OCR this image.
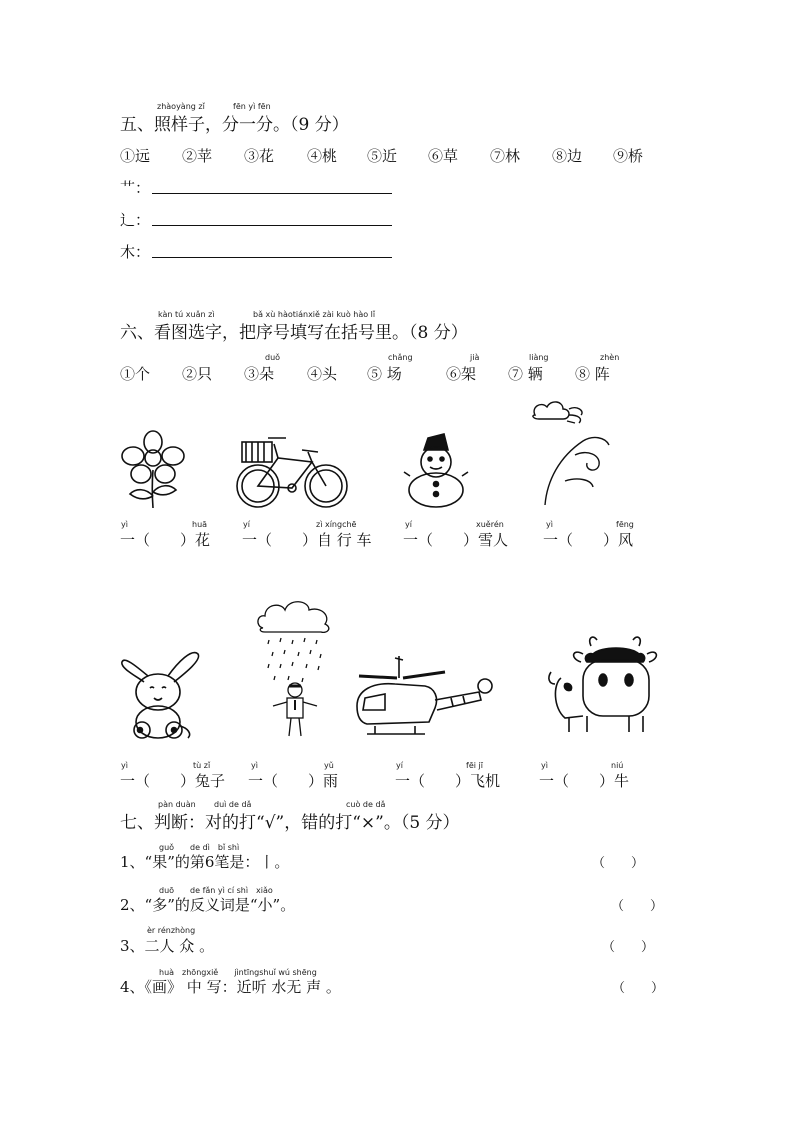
zhàoyàng zǐ	fēn yì fēn
五、照样子，分一分。（9 分）
①远 ②苹 ③花 ④桃 ⑤近 ⑥草 ⑦林 ⑧边 ⑨桥
艹：
辶：
木：
kàn tú xuǎn zì	bǎ xù hàotiánxiě zài kuò hào lǐ
六、看图选字，把序号填写在括号里。（8 分）
duǒ	chǎng	jià	liàng	zhèn
①个 ②只 ③朵 ④头 ⑤ 场	⑥架 ⑦ 辆 ⑧ 阵
yì	huā	yí	zì xíngchē	yí	xuěrén	yì	fēng
一（　　）花 一（　　）自 行 车 一（　　）雪人 一（　　）风
yì	tù zǐ	yì	yǔ	yí	fēi jī	yì	niú
一（　　）兔子 一（　　）雨	一（　　）飞机	一（　　）牛
pàn duàn duì de dǎ	cuò de dǎ
七、判断：对的打“√”，错的打“×”。（5 分）
guǒ　　de dì　bǐ shì
1、“果”的第6笔是：丨。	（　　）
duō　　de fǎn yì cí shì　xiǎo
2、“多”的反义词是“小”。	（　　）
èr rénzhòng
3、二人 众 。	（　　）
huà　zhōngxiě　　jìntīngshuǐ wú shēng
4、《画》 中 写：近听 水无 声 。	（　　）
